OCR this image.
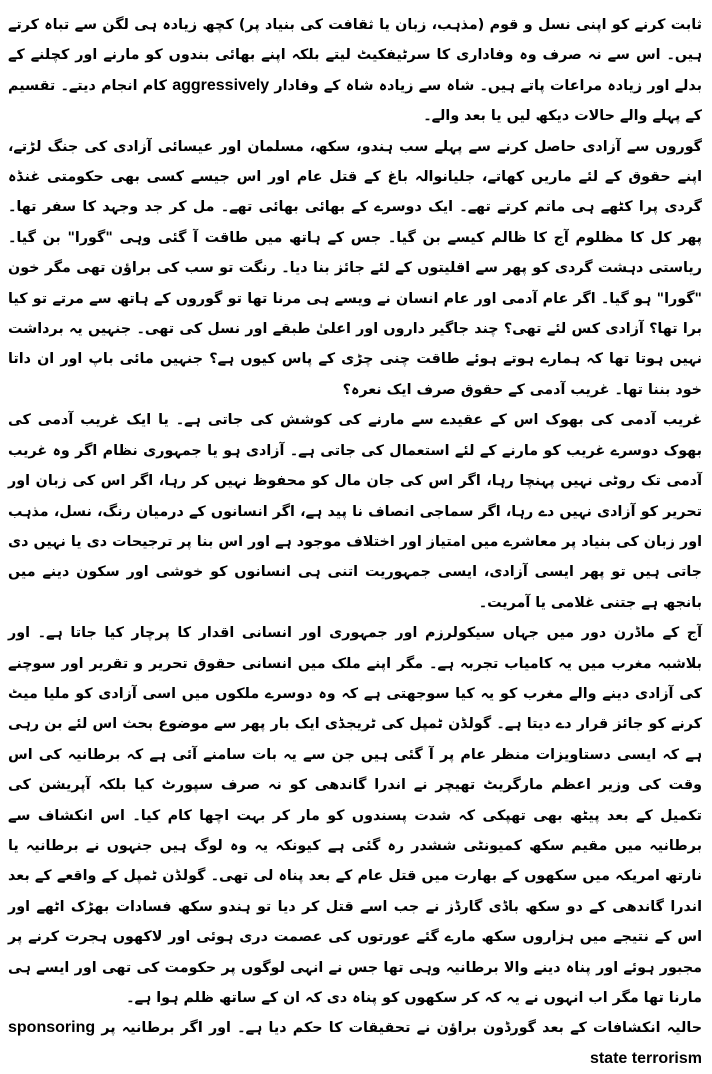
ثابت کرنے کو اپنی نسل و قوم (مذہب، زبان یا ثقافت کی بنیاد پر) کچھ زیادہ ہی لگن سے تباہ کرتے ہیں۔ اس سے نہ صرف وہ وفاداری کا سرٹیفکیٹ لیتے بلکہ اپنے بھائی بندوں کو مارنے اور کچلنے کے بدلے اور زیادہ مراعات پاتے ہیں۔ شاہ سے زیادہ شاہ کے وفادار aggressively کام انجام دیتے۔ تقسیم کے پہلے والے حالات دیکھ لیں یا بعد والے۔

گوروں سے آزادی حاصل کرنے سے پہلے سب ہندو، سکھ، مسلمان اور عیسائی آزادی کی جنگ لڑتے، اپنے حقوق کے لئے ماریں کھاتے، جلیانوالہ باغ کے قتل عام اور اس جیسے کسی بھی حکومتی غنڈہ گردی پرا کٹھے ہی ماتم کرتے تھے۔ ایک دوسرے کے بھائی بھائی تھے۔ مل کر جد وجہد کا سفر تھا۔ پھر کل کا مظلوم آج کا ظالم کیسے بن گیا۔ جس کے ہاتھ میں طاقت آ گئی وہی "گورا" بن گیا۔ ریاستی دہشت گردی کو پھر سے اقلیتوں کے لئے جائز بنا دیا۔ رنگت تو سب کی براؤن تھی مگر خون "گورا" ہو گیا۔ اگر عام آدمی اور عام انسان نے ویسے ہی مرنا تھا تو گوروں کے ہاتھ سے مرتے تو کیا برا تھا؟ آزادی کس لئے تھی؟ چند جاگیر داروں اور اعلیٰ طبقے اور نسل کی تھی۔ جنہیں یہ برداشت نہیں ہوتا تھا کہ ہمارے ہوتے ہوئے طاقت چنی چڑی کے پاس کیوں ہے؟ جنہیں مائی باپ اور ان داتا خود بننا تھا۔ غریب آدمی کے حقوق صرف ایک نعرہ؟

غریب آدمی کی بھوک اس کے عقیدے سے مارنے کی کوشش کی جاتی ہے۔ یا ایک غریب آدمی کی بھوک دوسرے غریب کو مارنے کے لئے استعمال کی جاتی ہے۔ آزادی ہو یا جمہوری نظام اگر وہ غریب آدمی تک روٹی نہیں پہنچا رہا، اگر اس کی جان مال کو محفوظ نہیں کر رہا، اگر اس کی زبان اور تحریر کو آزادی نہیں دے رہا، اگر سماجی انصاف نا پید ہے، اگر انسانوں کے درمیان رنگ، نسل، مذہب اور زبان کی بنیاد پر معاشرے میں امتیاز اور اختلاف موجود ہے اور اس بنا پر ترجیحات دی یا نہیں دی جاتی ہیں تو پھر ایسی آزادی، ایسی جمہوریت اتنی ہی انسانوں کو خوشی اور سکون دینے میں بانجھ ہے جتنی غلامی یا آمریت۔

آج کے ماڈرن دور میں جہاں سیکولرزم اور جمہوری اور انسانی اقدار کا پرچار کیا جاتا ہے۔ اور بلاشبہ مغرب میں یہ کامیاب تجربہ ہے۔ مگر اپنے ملک میں انسانی حقوق تحریر و تقریر اور سوچنے کی آزادی دینے والے مغرب کو یہ کیا سوجھتی ہے کہ وہ دوسرے ملکوں میں اسی آزادی کو ملیا میٹ کرنے کو جائز قرار دے دیتا ہے۔ گولڈن ٹمپل کی ٹریجڈی ایک بار پھر سے موضوع بحث اس لئے بن رہی ہے کہ ایسی دستاویزات منظر عام پر آ گئی ہیں جن سے یہ بات سامنے آئی ہے کہ برطانیہ کی اس وقت کی وزیر اعظم مارگریٹ تھیچر نے اندرا گاندھی کو نہ صرف سپورٹ کیا بلکہ آپریشن کی تکمیل کے بعد پیٹھ بھی تھپکی کہ شدت پسندوں کو مار کر بہت اچھا کام کیا۔ اس انکشاف سے برطانیہ میں مقیم سکھ کمیونٹی ششدر رہ گئی ہے کیونکہ یہ وہ لوگ ہیں جنہوں نے برطانیہ یا نارتھ امریکہ میں سکھوں کے بھارت میں قتل عام کے بعد پناہ لی تھی۔ گولڈن ٹمپل کے واقعے کے بعد اندرا گاندھی کے دو سکھ باڈی گارڈز نے جب اسے قتل کر دیا تو ہندو سکھ فسادات بھڑک اٹھے اور اس کے نتیجے میں ہزاروں سکھ مارے گئے عورتوں کی عصمت دری ہوئی اور لاکھوں ہجرت کرنے پر مجبور ہوئے اور پناہ دینے والا برطانیہ وہی تھا جس نے انہی لوگوں پر حکومت کی تھی اور ایسے ہی مارنا تھا مگر اب انہوں نے یہ کہ کر سکھوں کو پناہ دی کہ ان کے ساتھ ظلم ہوا ہے۔

حالیہ انکشافات کے بعد گورڈون براؤن نے تحقیقات کا حکم دیا ہے۔ اور اگر برطانیہ پر sponsoring state terrorism
